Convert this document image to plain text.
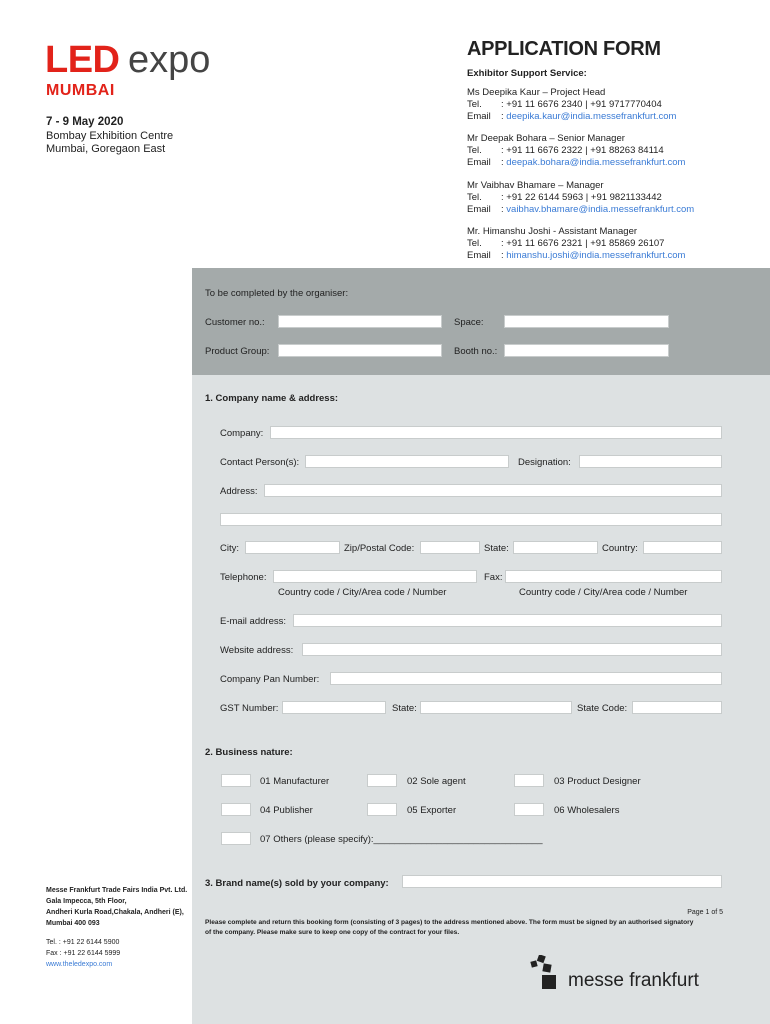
LED expo
MUMBAI
7 - 9 May 2020
Bombay Exhibition Centre
Mumbai, Goregaon East
APPLICATION FORM
Exhibitor Support Service:
Ms Deepika Kaur – Project Head
Tel. : +91 11 6676 2340 | +91 9717770404
Email : deepika.kaur@india.messefrankfurt.com
Mr Deepak Bohara – Senior Manager
Tel. : +91 11 6676 2322 | +91 88263 84114
Email : deepak.bohara@india.messefrankfurt.com
Mr Vaibhav Bhamare – Manager
Tel. : +91 22 6144 5963 | +91 9821133442
Email : vaibhav.bhamare@india.messefrankfurt.com
Mr. Himanshu Joshi - Assistant Manager
Tel. : +91 11 6676 2321 | +91 85869 26107
Email : himanshu.joshi@india.messefrankfurt.com
To be completed by the organiser:
Customer no.:	Space:
Product Group:	Booth no.:
1. Company name & address:
Company:
Contact Person(s):	Designation:
Address:
City:	Zip/Postal Code:	State:	Country:
Telephone:	Fax:
Country code / City/Area code / Number	Country code / City/Area code / Number
E-mail address:
Website address:
Company Pan Number:
GST Number:	State:	State Code:
2. Business nature:
01 Manufacturer	02 Sole agent	03 Product Designer
04 Publisher	05 Exporter	06 Wholesalers
07 Others (please specify):________________________________
3. Brand name(s) sold by your company:
Page 1 of 5
Please complete and return this booking form (consisting of 3 pages) to the address mentioned above. The form must be signed by an authorised signatory
of the company. Please make sure to keep one copy of the contract for your files.
Messe Frankfurt Trade Fairs India Pvt. Ltd.
Gala Impecca, 5th Floor,
Andheri Kurla Road,Chakala, Andheri (E),
Mumbai 400 093
Tel. : +91 22 6144 5900
Fax : +91 22 6144 5999
www.theledexpo.com
messe frankfurt
